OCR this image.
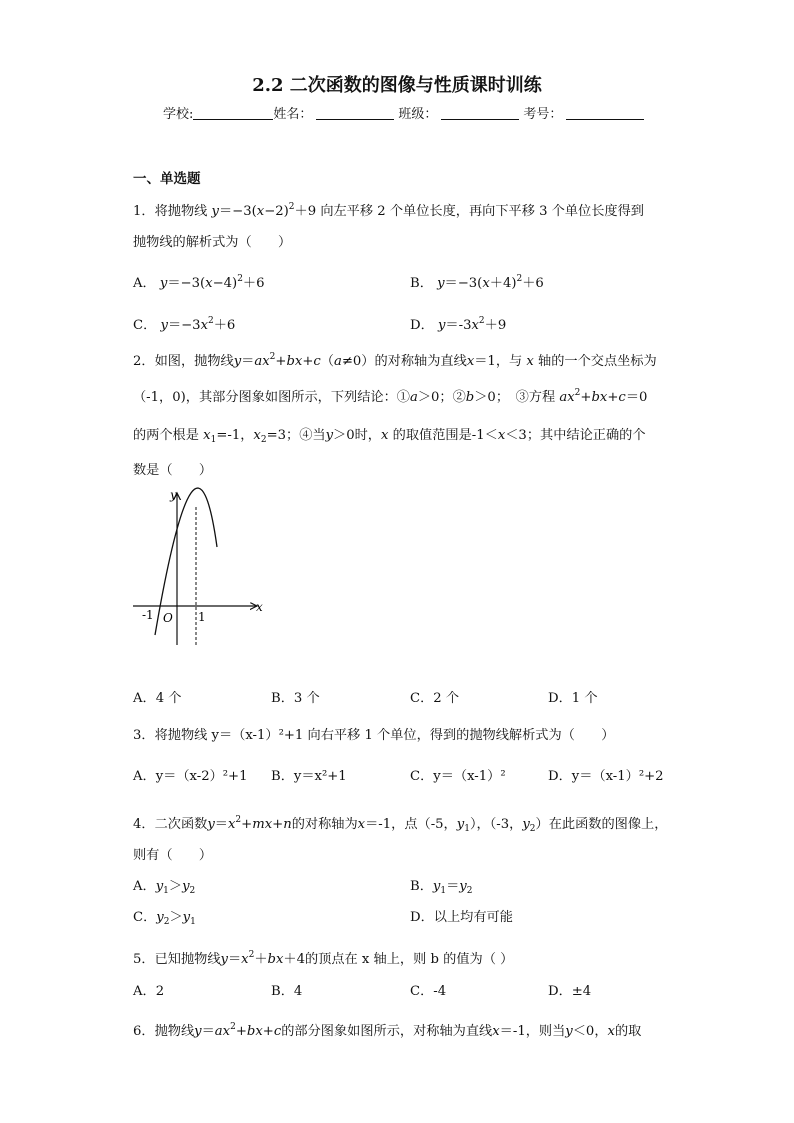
2.2 二次函数的图像与性质课时训练
学校:	姓名：	班级：	考号：
一、单选题
1．将抛物线 $y=-3(x-2)^2+9$ 向左平移 2 个单位长度，再向下平移 3 个单位长度得到
抛物线的解析式为（　　）
A． $y=-3(x-4)^2+6$	B． $y=-3(x+4)^2+6$
C． $y=-3x^2+6$	D． $y=-3x^2+9$
2．如图，抛物线$y=ax^2+bx+c(a\ne 0)$的对称轴为直线x＝1，与 x 轴的一个交点坐标为
（-1，0)，其部分图象如图所示，下列结论：①a＞0；②b＞0；　③方程 $ax^2+bx+c=0$
的两个根是 $x_1=-1$，$x_2=3$；④当y＞0时，x 的取值范围是-1＜x＜3；其中结论正确的个
数是（　　）
y
x
O
-1	1
A．4 个	B．3 个	C．2 个	D．1 个
3．将抛物线 y＝（x-1）²+1 向右平移 1 个单位，得到的抛物线解析式为（　　）
A．y＝（x-2）²+1 B．y＝x²+1	C．y＝（x-1）²	D．y＝（x-1）²+2
4．二次函数$y=x^2+mx+n$的对称轴为x＝-1，点（-5，$y_1$），（-3，$y_2$）在此函数的图像上，
则有（　　）
A．$y_1>y_2$	B．$y_1=y_2$
C．$y_2>y_1$	D．以上均有可能
5．已知抛物线$y=x^2+bx+4$的顶点在 x 轴上，则 b 的值为（ ）
A．2	B．4	C．-4	D．±4
6．抛物线$y=ax^2+bx+c$的部分图象如图所示，对称轴为直线x＝-1，则当y＜0，x的取
